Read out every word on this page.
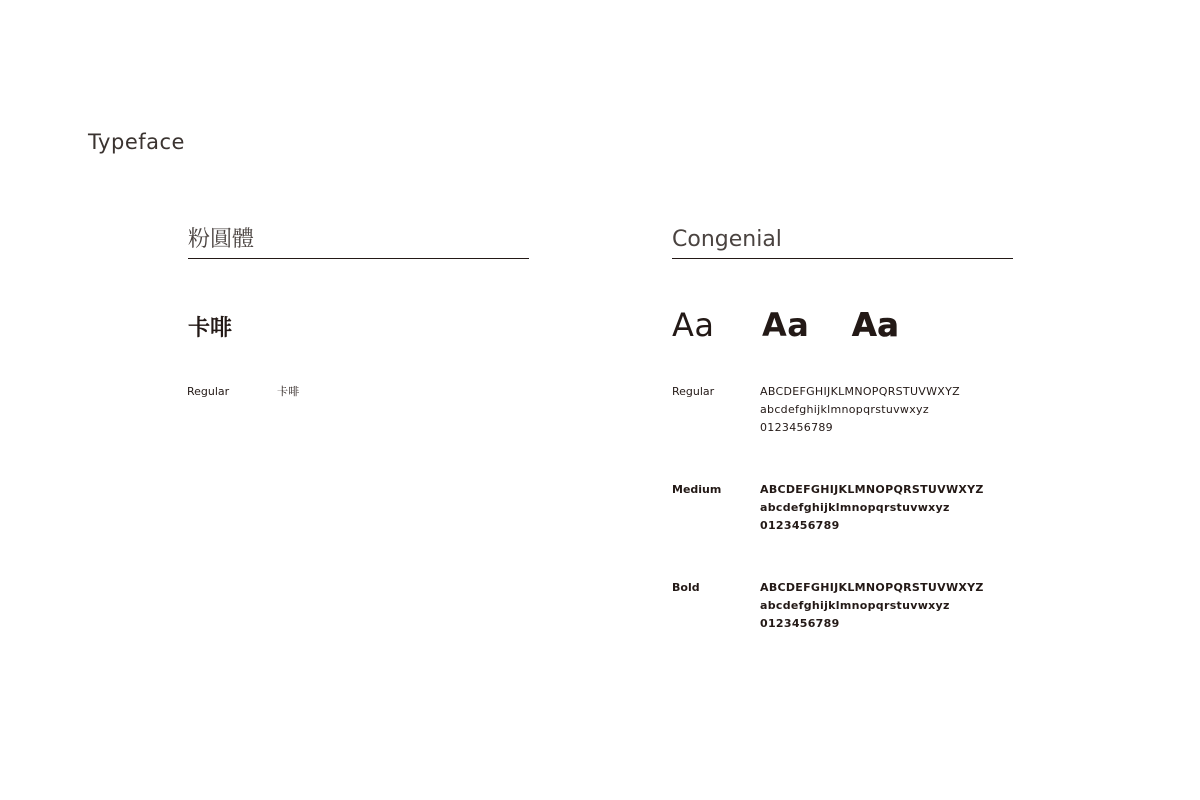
Typeface
粉圓體
卡啡
Regular	卡啡
Congenial
Aa	Aa	Aa
Regular	ABCDEFGHIJKLMNOPQRSTUVWXYZ
abcdefghijklmnopqrstuvwxyz
0123456789
Medium	ABCDEFGHIJKLMNOPQRSTUVWXYZ
abcdefghijklmnopqrstuvwxyz
0123456789
Bold	ABCDEFGHIJKLMNOPQRSTUVWXYZ
abcdefghijklmnopqrstuvwxyz
0123456789
